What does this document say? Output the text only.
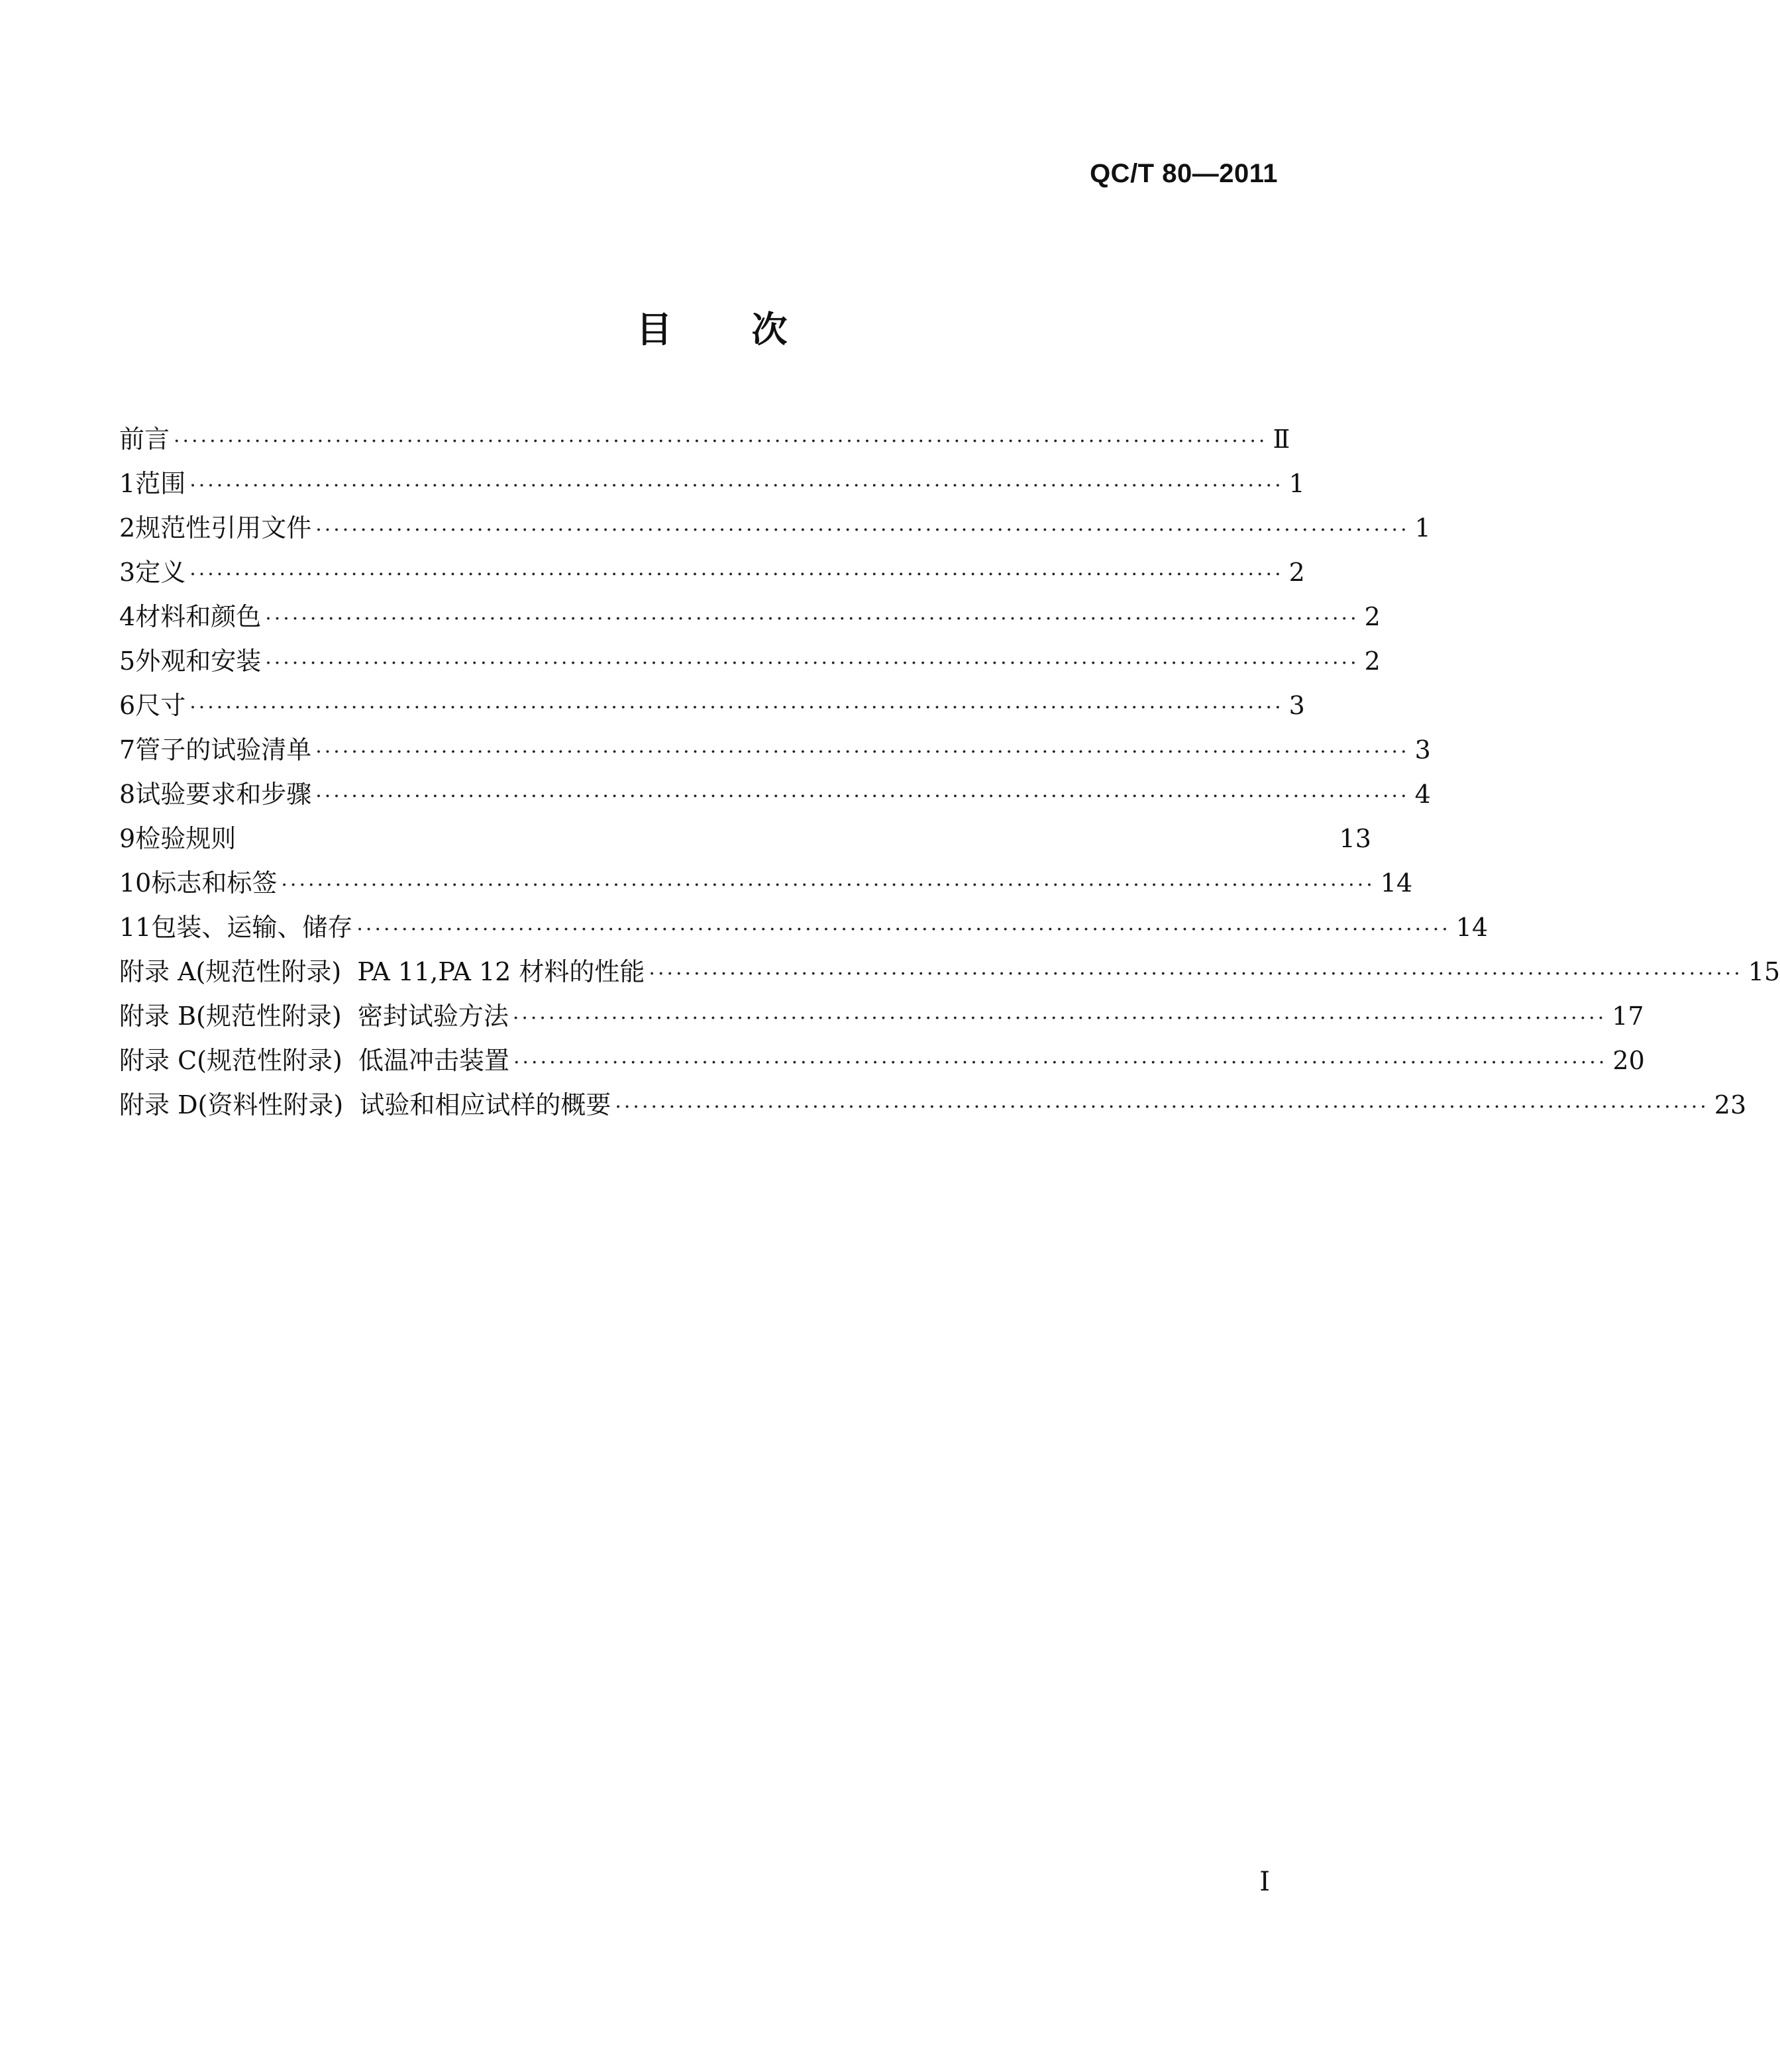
QC/T 80—2011
目次
前言 ·························································································································· Ⅱ
1 范围 ·························································································································· 1
2 规范性引用文件 ·························································································································· 1
3 定义 ·························································································································· 2
4 材料和颜色 ·························································································································· 2
5 外观和安装 ·························································································································· 2
6 尺寸 ·························································································································· 3
7 管子的试验清单 ·························································································································· 3
8 试验要求和步骤 ·························································································································· 4
9 检验规则 ·························································································································· 13
10 标志和标签 ·························································································································· 14
11 包装、运输、储存 ·························································································································· 14
附录 A(规范性附录)  PA 11,PA 12 材料的性能 ·························································································································· 15
附录 B(规范性附录)  密封试验方法 ·························································································································· 17
附录 C(规范性附录)  低温冲击装置 ·························································································································· 20
附录 D(资料性附录)  试验和相应试样的概要 ·························································································································· 23
I
